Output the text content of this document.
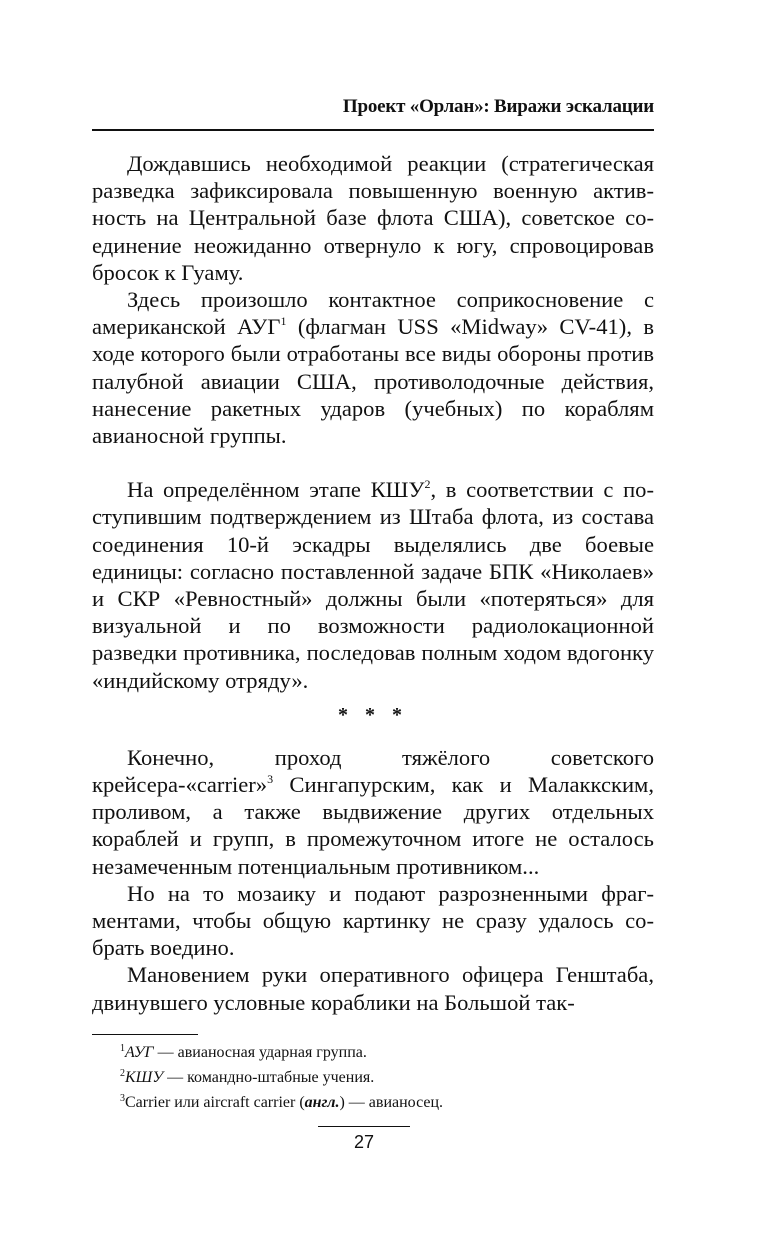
Проект «Орлан»: Виражи эскалации

Дождавшись необходимой реакции (стратегическая разведка зафиксировала повышенную военную активность на Центральной базе флота США), советское соединение неожиданно отвернуло к югу, спровоцировав бросок к Гуаму.

Здесь произошло контактное соприкосновение с американской АУГ$^1$ (флагман USS «Midway» CV-41), в ходе которого были отработаны все виды обороны против палубной авиации США, противолодочные действия, нанесение ракетных ударов (учебных) по кораблям авианосной группы.

На определённом этапе КШУ$^2$, в соответствии с поступившим подтверждением из Штаба флота, из состава соединения 10-й эскадры выделялись две боевые единицы: согласно поставленной задаче БПК «Николаев» и СКР «Ревностный» должны были «потеряться» для визуальной и по возможности радиолокационной разведки противника, последовав полным ходом вдогонку «индийскому отряду».

* * *

Конечно, проход тяжёлого советского крейсера-«carrier»$^3$ Сингапурским, как и Малаккским, проливом, а также выдвижение других отдельных кораблей и групп, в промежуточном итоге не осталось незамеченным потенциальным противником...

Но на то мозаику и подают разрозненными фрагментами, чтобы общую картинку не сразу удалось собрать воедино.

Мановением руки оперативного офицера Генштаба, двинувшего условные кораблики на Большой так-

$^1$АУГ — авианосная ударная группа.
$^2$КШУ — командно-штабные учения.
$^3$Carrier или aircraft carrier (англ.) — авианосец.
27
